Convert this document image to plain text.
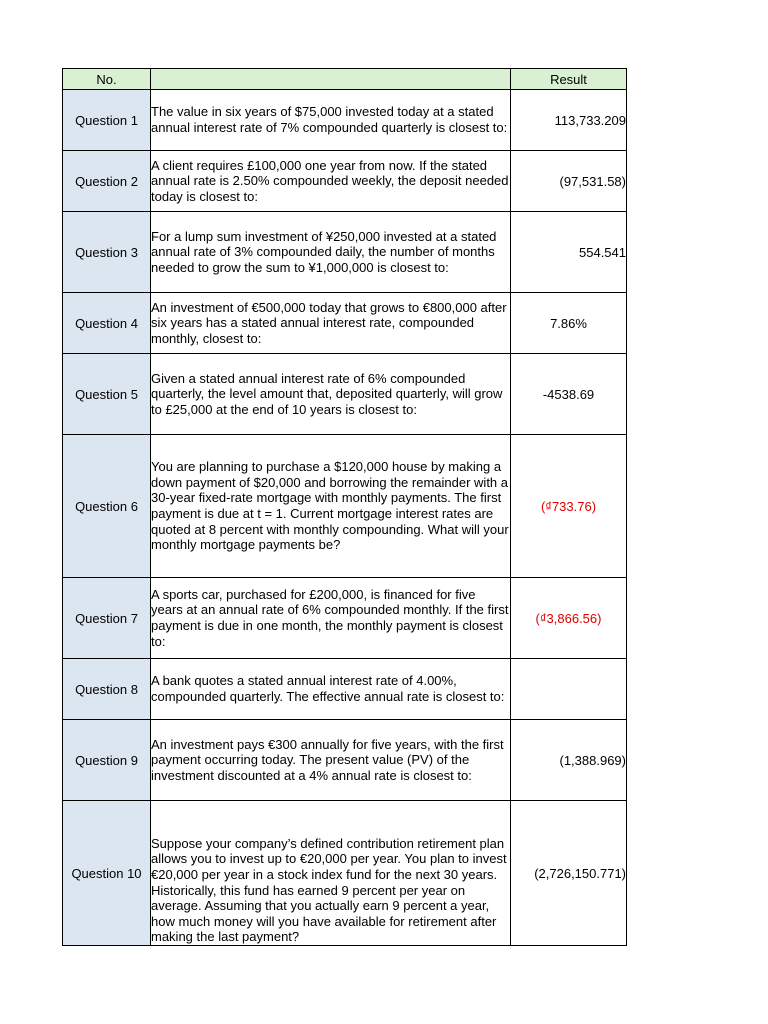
No.		Result
Question 1	The value in six years of $75,000 invested today at a stated annual interest rate of 7% compounded quarterly is closest to:	113,733.209
Question 2	A client requires £100,000 one year from now. If the stated annual rate is 2.50% compounded weekly, the deposit needed today is closest to:	(97,531.58)
Question 3	For a lump sum investment of ¥250,000 invested at a stated annual rate of 3% compounded daily, the number of months needed to grow the sum to ¥1,000,000 is closest to:	554.541
Question 4	An investment of €500,000 today that grows to €800,000 after six years has a stated annual interest rate, compounded monthly, closest to:	7.86%
Question 5	Given a stated annual interest rate of 6% compounded quarterly, the level amount that, deposited quarterly, will grow to £25,000 at the end of 10 years is closest to:	-4538.69
Question 6	You are planning to purchase a $120,000 house by making a down payment of $20,000 and borrowing the remainder with a 30-year fixed-rate mortgage with monthly payments. The first payment is due at t = 1. Current mortgage interest rates are quoted at 8 percent with monthly compounding. What will your monthly mortgage payments be?	(₫733.76)
Question 7	A sports car, purchased for £200,000, is financed for five years at an annual rate of 6% compounded monthly. If the first payment is due in one month, the monthly payment is closest to:	(₫3,866.56)
Question 8	A bank quotes a stated annual interest rate of 4.00%, compounded quarterly. The effective annual rate is closest to:	
Question 9	An investment pays €300 annually for five years, with the first payment occurring today. The present value (PV) of the investment discounted at a 4% annual rate is closest to:	(1,388.969)
Question 10	Suppose your company’s defined contribution retirement plan allows you to invest up to €20,000 per year. You plan to invest €20,000 per year in a stock index fund for the next 30 years. Historically, this fund has earned 9 percent per year on average. Assuming that you actually earn 9 percent a year, how much money will you have available for retirement after making the last payment?	(2,726,150.771)
